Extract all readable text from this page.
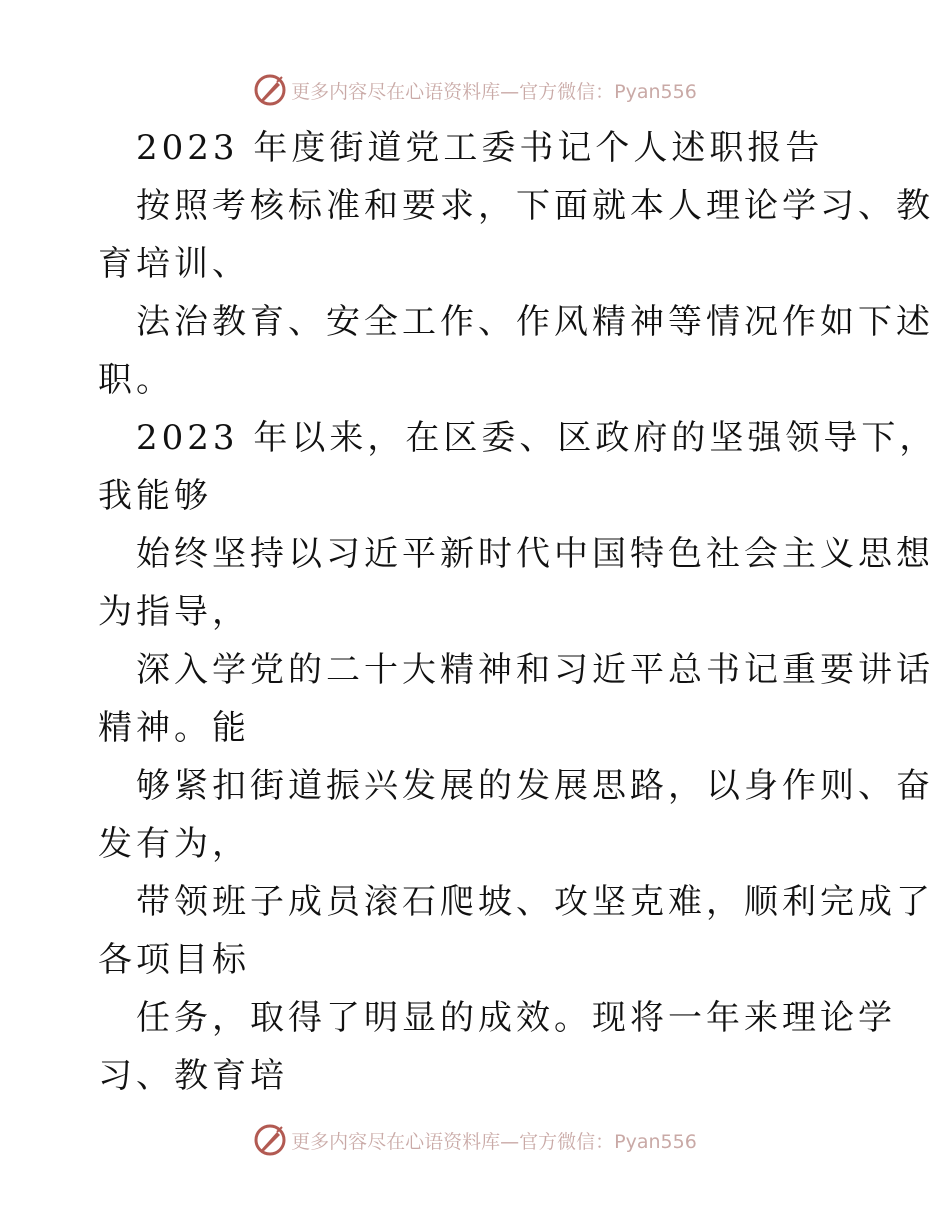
更多内容尽在心语资料库—官方微信：Pyan556
2023 年度街道党工委书记个人述职报告
按照考核标准和要求，下面就本人理论学习、教
育培训、
法治教育、安全工作、作风精神等情况作如下述
职。
2023 年以来，在区委、区政府的坚强领导下，
我能够
始终坚持以习近平新时代中国特色社会主义思想
为指导，
深入学党的二十大精神和习近平总书记重要讲话
精神。能
够紧扣街道振兴发展的发展思路，以身作则、奋
发有为，
带领班子成员滚石爬坡、攻坚克难，顺利完成了
各项目标
任务，取得了明显的成效。现将一年来理论学
习、教育培
更多内容尽在心语资料库—官方微信：Pyan556
